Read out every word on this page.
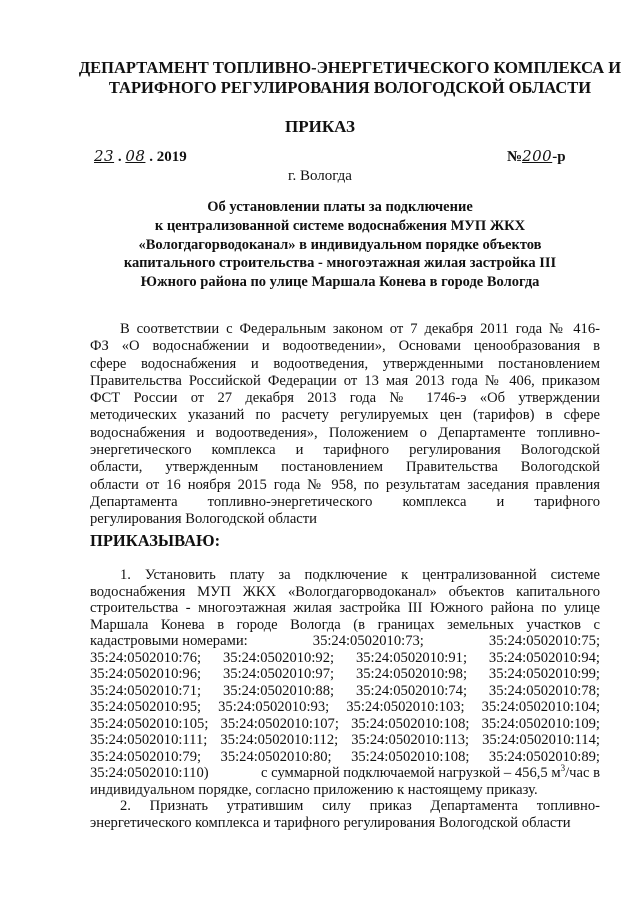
ДЕПАРТАМЕНТ ТОПЛИВНО-ЭНЕРГЕТИЧЕСКОГО КОМПЛЕКСА И
ТАРИФНОГО РЕГУЛИРОВАНИЯ ВОЛОГОДСКОЙ ОБЛАСТИ
ПРИКАЗ
23 . 08 . 2019	№200-р
г. Вологда
Об установлении платы за подключение
к централизованной системе водоснабжения МУП ЖКХ
«Вологдагорводоканал» в индивидуальном порядке объектов
капитального строительства - многоэтажная жилая застройка III
Южного района по улице Маршала Конева в городе Вологда
В соответствии с Федеральным законом от 7 декабря 2011 года № 416-
ФЗ «О водоснабжении и водоотведении», Основами ценообразования в
сфере водоснабжения и водоотведения, утвержденными постановлением
Правительства Российской Федерации от 13 мая 2013 года № 406, приказом
ФСТ России от 27 декабря 2013 года № 1746-э «Об утверждении
методических указаний по расчету регулируемых цен (тарифов) в сфере
водоснабжения и водоотведения», Положением о Департаменте топливно-
энергетического комплекса и тарифного регулирования Вологодской
области, утвержденным постановлением Правительства Вологодской
области от 16 ноября 2015 года № 958, по результатам заседания правления
Департамента топливно-энергетического комплекса и тарифного
регулирования Вологодской области
ПРИКАЗЫВАЮ:
1. Установить плату за подключение к централизованной системе
водоснабжения МУП ЖКХ «Вологдагорводоканал» объектов капитального
строительства - многоэтажная жилая застройка III Южного района по улице
Маршала Конева в городе Вологда (в границах земельных участков с
кадастровыми номерами:	35:24:0502010:73;	35:24:0502010:75;
35:24:0502010:76; 35:24:0502010:92; 35:24:0502010:91; 35:24:0502010:94;
35:24:0502010:96; 35:24:0502010:97; 35:24:0502010:98; 35:24:0502010:99;
35:24:0502010:71; 35:24:0502010:88; 35:24:0502010:74; 35:24:0502010:78;
35:24:0502010:95; 35:24:0502010:93; 35:24:0502010:103; 35:24:0502010:104;
35:24:0502010:105; 35:24:0502010:107; 35:24:0502010:108; 35:24:0502010:109;
35:24:0502010:111; 35:24:0502010:112; 35:24:0502010:113; 35:24:0502010:114;
35:24:0502010:79; 35:24:0502010:80; 35:24:0502010:108; 35:24:0502010:89;
35:24:0502010:110)	с суммарной подключаемой нагрузкой – 456,5 $м^3$/час в
индивидуальном порядке, согласно приложению к настоящему приказу.
2. Признать утратившим силу приказ Департамента топливно-
энергетического комплекса и тарифного регулирования Вологодской области
